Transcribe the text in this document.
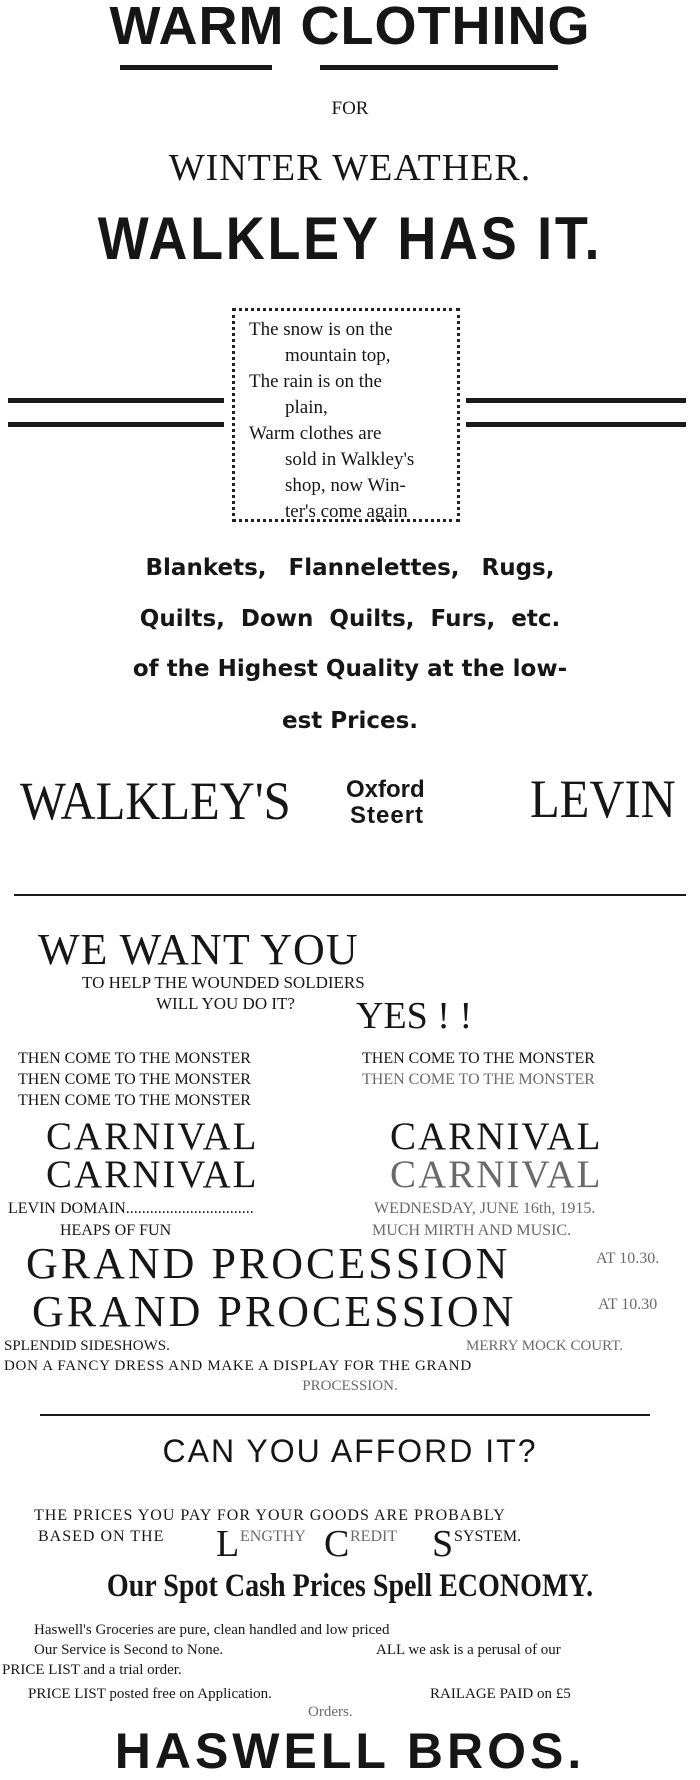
WARM CLOTHING
FOR
WINTER WEATHER.
WALKLEY HAS IT.
The snow is on the
mountain top,
The rain is on the
plain,
Warm clothes are
sold in Walkley's
shop, now Win-
ter's come again
Blankets, Flannelettes, Rugs,
Quilts, Down Quilts, Furs, etc.
of the Highest Quality at the low-
est Prices.
WALKLEY'S Oxford
Steert LEVIN
WE WANT YOU
TO HELP THE WOUNDED SOLDIERS
WILL YOU DO IT? YES ! !
THEN COME TO THE MONSTER	THEN COME TO THE MONSTER
THEN COME TO THE MONSTER	THEN COME TO THE MONSTER
THEN COME TO THE MONSTER
CARNIVAL	CARNIVAL
CARNIVAL	CARNIVAL
LEVIN DOMAIN................................	WEDNESDAY, JUNE 16th, 1915.
HEAPS OF FUN	MUCH MIRTH AND MUSIC.
GRAND PROCESSION	AT 10.30.
GRAND PROCESSION	AT 10.30
SPLENDID SIDESHOWS.	MERRY MOCK COURT.
DON A FANCY DRESS AND MAKE A DISPLAY FOR THE GRAND
PROCESSION.
CAN YOU AFFORD IT?
THE PRICES YOU PAY FOR YOUR GOODS ARE PROBABLY
BASED ON THE L ENGTHY C REDIT S SYSTEM.
Our Spot Cash Prices Spell ECONOMY.
Haswell's Groceries are pure, clean handled and low priced
Our Service is Second to None.	ALL we ask is a perusal of our
PRICE LIST and a trial order.
PRICE LIST posted free on Application.	RAILAGE PAID on £5
Orders.
HASWELL BROS.
